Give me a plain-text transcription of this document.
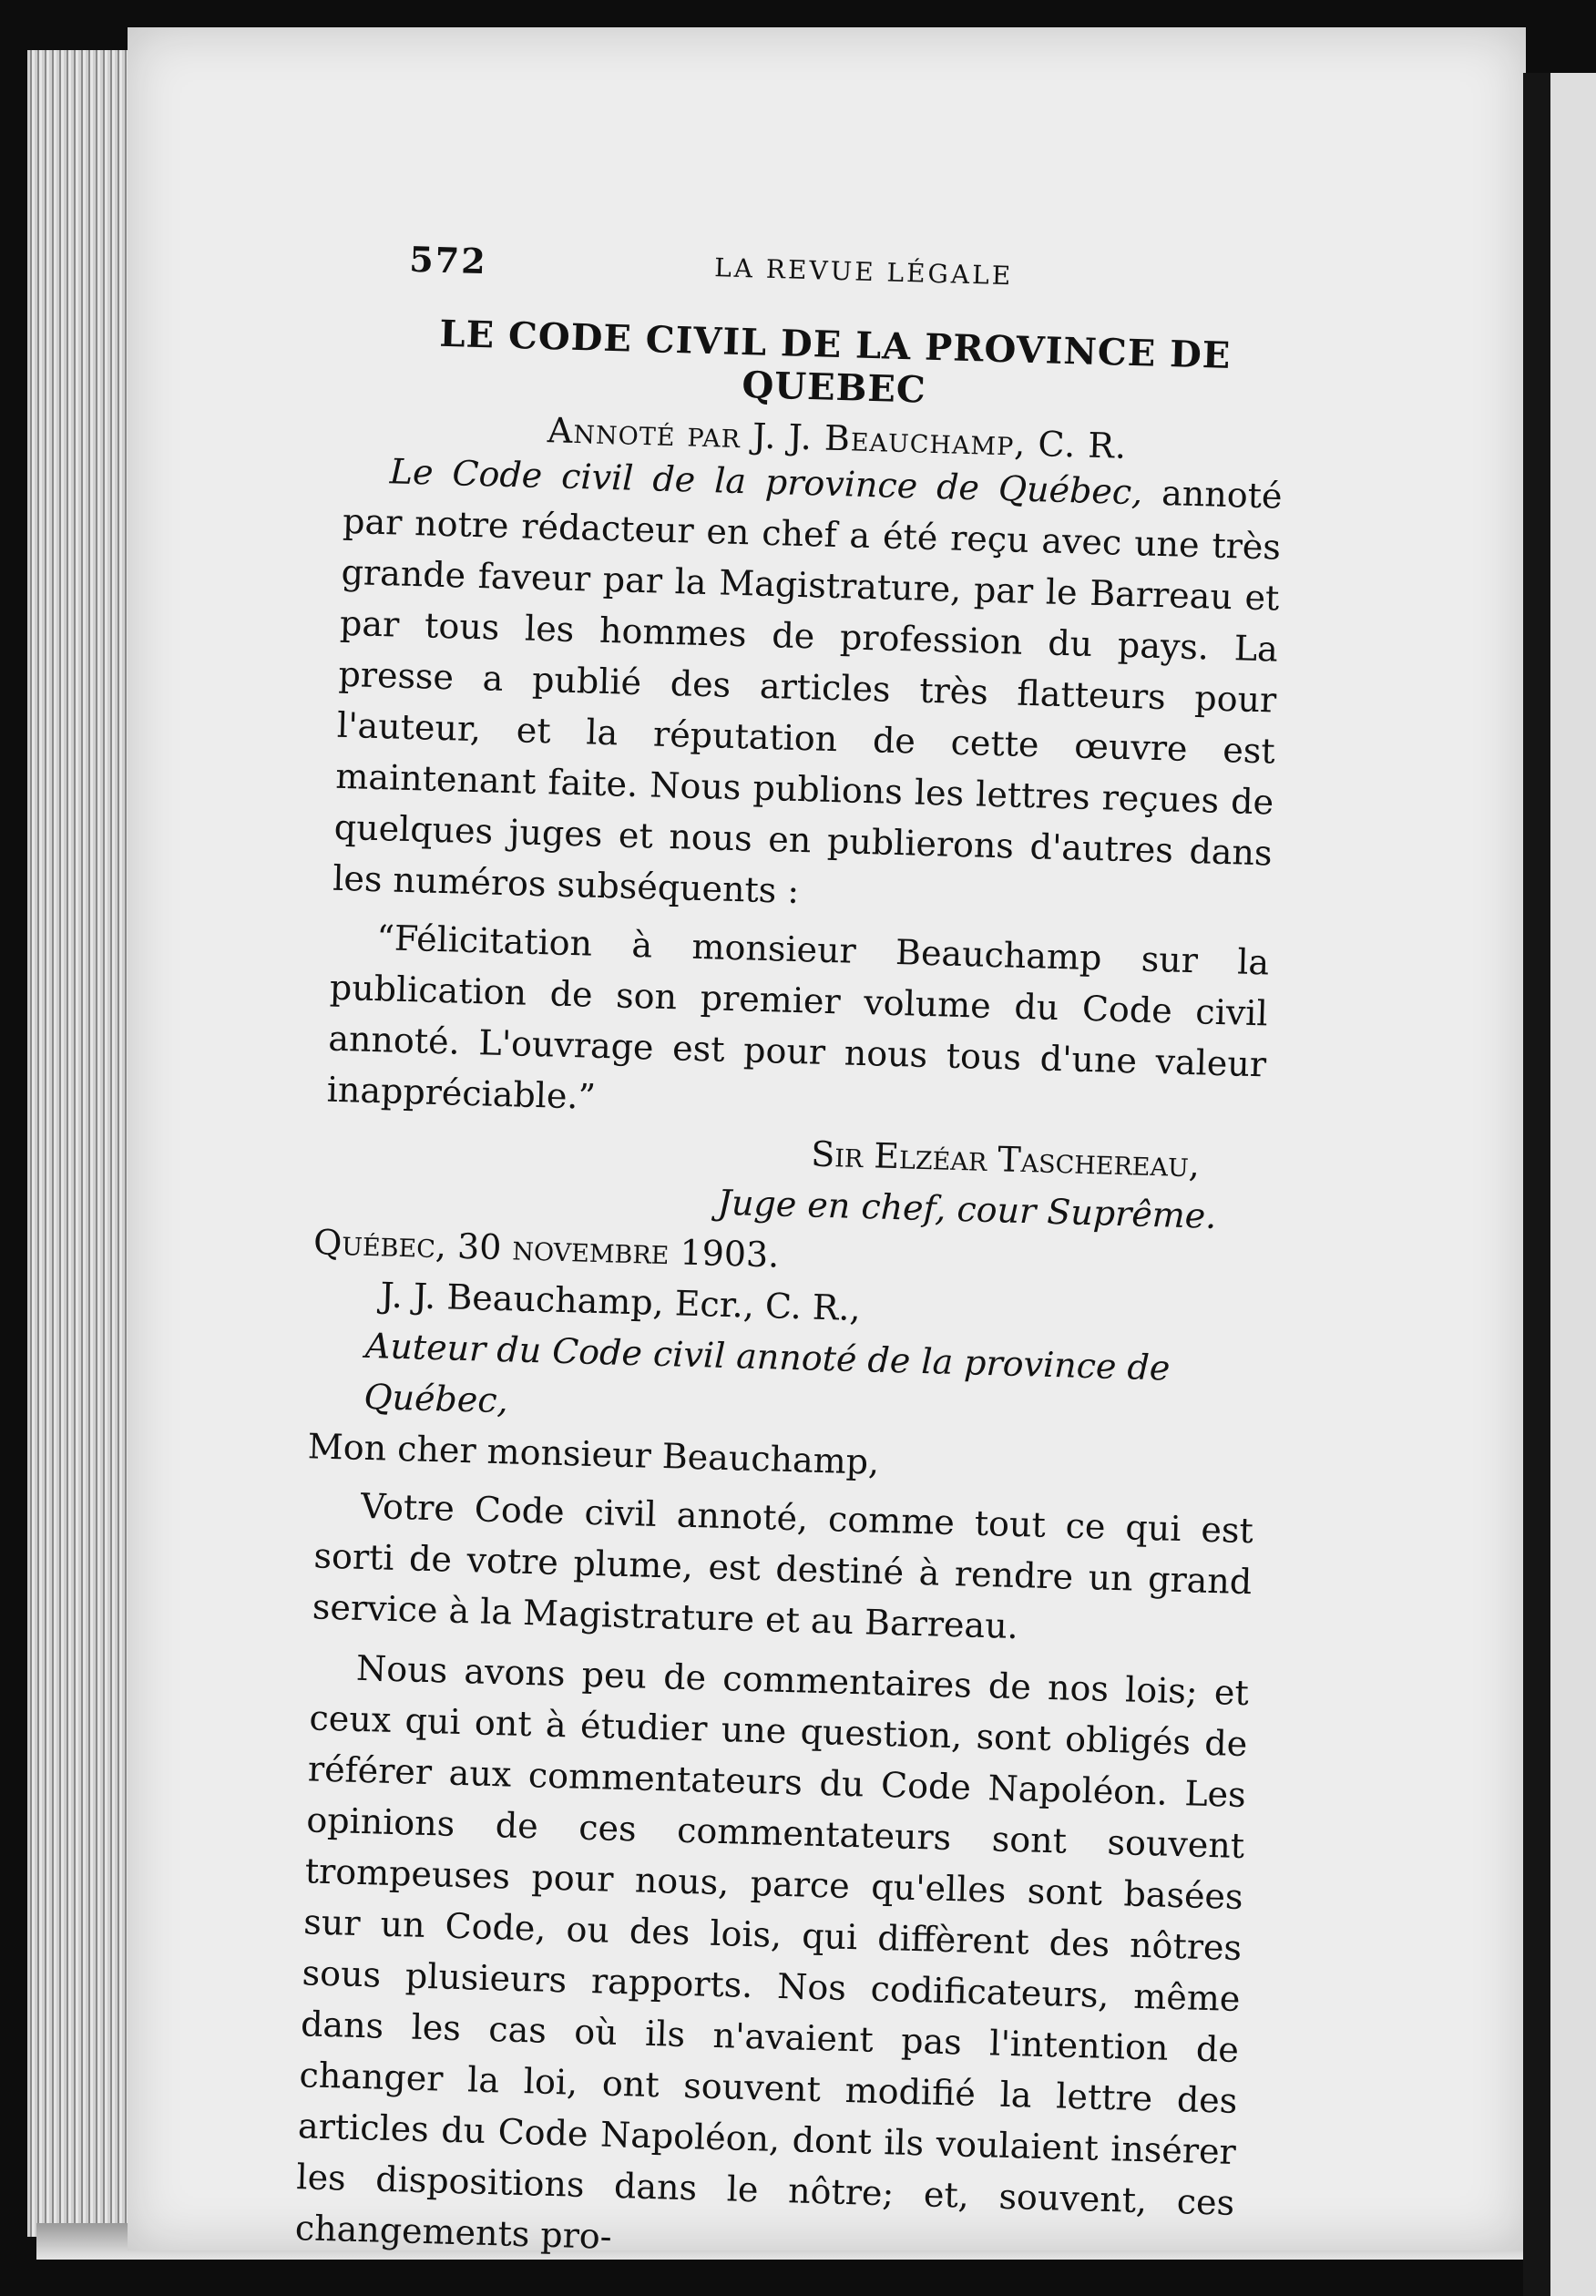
572	LA REVUE LÉGALE
LE CODE CIVIL DE LA PROVINCE DE QUEBEC
Annoté par J. J. Beauchamp, C. R.

Le Code civil de la province de Québec, annoté par notre rédacteur en chef a été reçu avec une très grande faveur par la Magistrature, par le Barreau et par tous les hommes de profession du pays. La presse a publié des articles très flatteurs pour l'auteur, et la réputation de cette œuvre est maintenant faite. Nous publions les lettres reçues de quelques juges et nous en publierons d'autres dans les numéros subséquents :

“Félicitation à monsieur Beauchamp sur la publication de son premier volume du Code civil annoté. L'ouvrage est pour nous tous d'une valeur inappréciable.”

Sir Elzéar Taschereau,
Juge en chef, cour Suprême.
Québec, 30 novembre 1903.
J. J. Beauchamp, Ecr., C. R.,
Auteur du Code civil annoté de la province de Québec,
Mon cher monsieur Beauchamp,

Votre Code civil annoté, comme tout ce qui est sorti de votre plume, est destiné à rendre un grand service à la Magistrature et au Barreau.

Nous avons peu de commentaires de nos lois; et ceux qui ont à étudier une question, sont obligés de référer aux commentateurs du Code Napoléon. Les opinions de ces commentateurs sont souvent trompeuses pour nous, parce qu'elles sont basées sur un Code, ou des lois, qui diffèrent des nôtres sous plusieurs rapports. Nos codificateurs, même dans les cas où ils n'avaient pas l'intention de changer la loi, ont souvent modifié la lettre des articles du Code Napoléon, dont ils voulaient insérer les dispositions dans le nôtre; et, souvent, ces changements pro-
